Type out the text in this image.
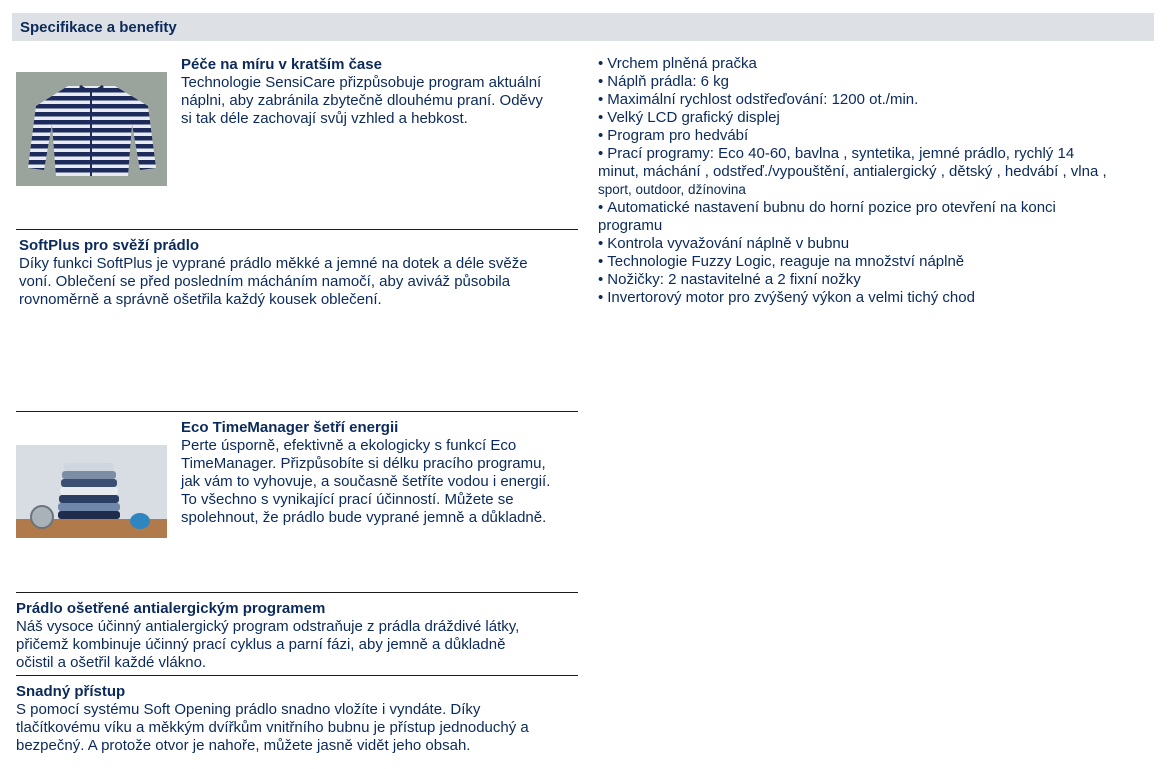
Specifikace a benefity
Péče na míru v kratším čase
Technologie SensiCare přizpůsobuje program aktuální
náplni, aby zabránila zbytečně dlouhému praní. Oděvy
si tak déle zachovají svůj vzhled a hebkost.
SoftPlus pro svěží prádlo
Díky funkci SoftPlus je vyprané prádlo měkké a jemné na dotek a déle svěže
voní. Oblečení se před posledním mácháním namočí, aby aviváž působila
rovnoměrně a správně ošetřila každý kousek oblečení.
Eco TimeManager šetří energii
Perte úsporně, efektivně a ekologicky s funkcí Eco
TimeManager. Přizpůsobíte si délku pracího programu,
jak vám to vyhovuje, a současně šetříte vodou i energií.
To všechno s vynikající prací účinností. Můžete se
spolehnout, že prádlo bude vyprané jemně a důkladně.
Prádlo ošetřené antialergickým programem
Náš vysoce účinný antialergický program odstraňuje z prádla dráždivé látky,
přičemž kombinuje účinný prací cyklus a parní fázi, aby jemně a důkladně
očistil a ošetřil každé vlákno.
Snadný přístup
S pomocí systému Soft Opening prádlo snadno vložíte i vyndáte. Díky
tlačítkovému víku a měkkým dvířkům vnitřního bubnu je přístup jednoduchý a
bezpečný. A protože otvor je nahoře, můžete jasně vidět jeho obsah.
• Vrchem plněná pračka
• Náplň prádla: 6 kg
• Maximální rychlost odstřeďování: 1200 ot./min.
• Velký LCD grafický displej
• Program pro hedvábí
• Prací programy: Eco 40-60, bavlna , syntetika, jemné prádlo, rychlý 14
minut, máchání , odstřeď./vypouštění, antialergický , dětský , hedvábí , vlna ,
sport, outdoor, džínovina
• Automatické nastavení bubnu do horní pozice pro otevření na konci
programu
• Kontrola vyvažování náplně v bubnu
• Technologie Fuzzy Logic, reaguje na množství náplně
• Nožičky: 2 nastavitelné a 2 fixní nožky
• Invertorový motor pro zvýšený výkon a velmi tichý chod
